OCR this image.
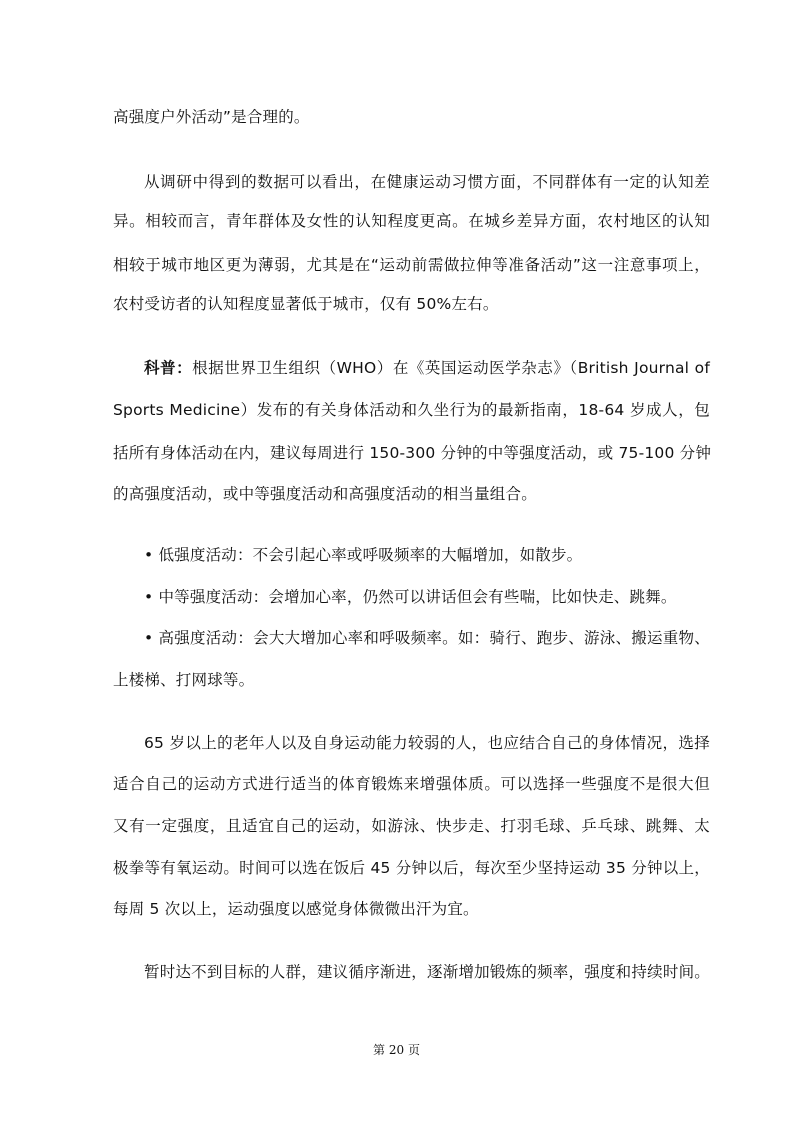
高强度户外活动”是合理的。
从调研中得到的数据可以看出，在健康运动习惯方面，不同群体有一定的认知差
异。相较而言，青年群体及女性的认知程度更高。在城乡差异方面，农村地区的认知
相较于城市地区更为薄弱，尤其是在“运动前需做拉伸等准备活动”这一注意事项上，
农村受访者的认知程度显著低于城市，仅有 50%左右。
科普：根据世界卫生组织（WHO）在《英国运动医学杂志》（British Journal of
Sports Medicine）发布的有关身体活动和久坐行为的最新指南，18-64 岁成人，包
括所有身体活动在内，建议每周进行 150-300 分钟的中等强度活动，或 75-100 分钟
的高强度活动，或中等强度活动和高强度活动的相当量组合。
• 低强度活动：不会引起心率或呼吸频率的大幅增加，如散步。
• 中等强度活动：会增加心率，仍然可以讲话但会有些喘，比如快走、跳舞。
• 高强度活动：会大大增加心率和呼吸频率。如：骑行、跑步、游泳、搬运重物、
上楼梯、打网球等。
65 岁以上的老年人以及自身运动能力较弱的人，也应结合自己的身体情况，选择
适合自己的运动方式进行适当的体育锻炼来增强体质。可以选择一些强度不是很大但
又有一定强度，且适宜自己的运动，如游泳、快步走、打羽毛球、乒乓球、跳舞、太
极拳等有氧运动。时间可以选在饭后 45 分钟以后，每次至少坚持运动 35 分钟以上，
每周 5 次以上，运动强度以感觉身体微微出汗为宜。
暂时达不到目标的人群，建议循序渐进，逐渐增加锻炼的频率，强度和持续时间。
第 20 页
